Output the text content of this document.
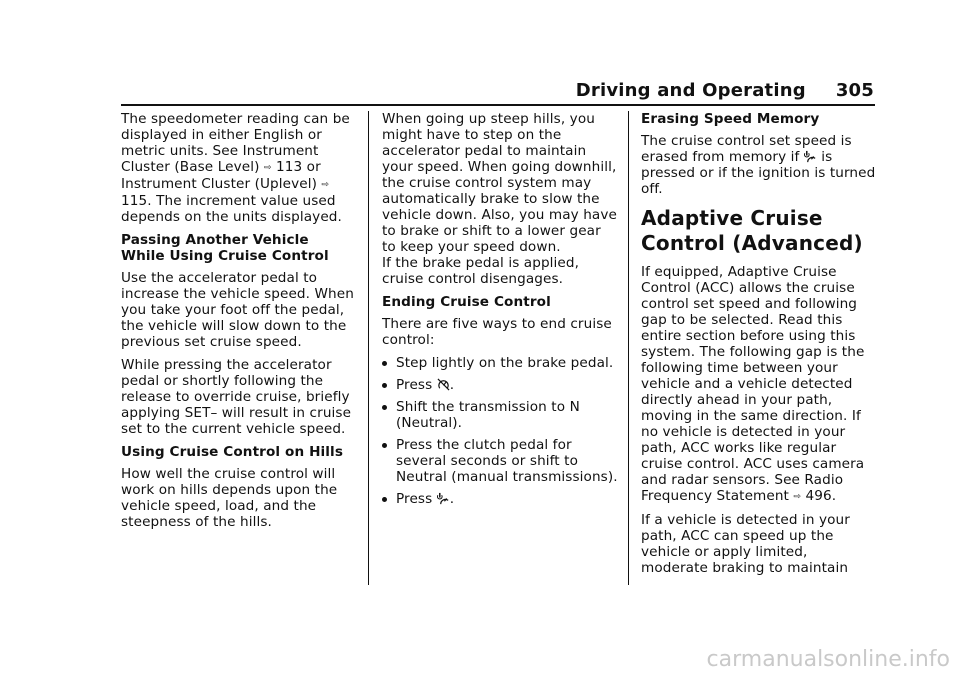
Driving and Operating 305

The speedometer reading can be displayed in either English or metric units. See Instrument Cluster (Base Level) ⇨ 113 or Instrument Cluster (Uplevel) ⇨ 115. The increment value used depends on the units displayed.

Passing Another Vehicle While Using Cruise Control

Use the accelerator pedal to increase the vehicle speed. When you take your foot off the pedal, the vehicle will slow down to the previous set cruise speed.

While pressing the accelerator pedal or shortly following the release to override cruise, briefly applying SET– will result in cruise set to the current vehicle speed.

Using Cruise Control on Hills

How well the cruise control will work on hills depends upon the vehicle speed, load, and the steepness of the hills.

When going up steep hills, you might have to step on the accelerator pedal to maintain your speed. When going downhill, the cruise control system may automatically brake to slow the vehicle down. Also, you may have to brake or shift to a lower gear to keep your speed down.

If the brake pedal is applied, cruise control disengages.

Ending Cruise Control

There are five ways to end cruise control:

Step lightly on the brake pedal.
Press .
Shift the transmission to N (Neutral).
Press the clutch pedal for several seconds or shift to Neutral (manual transmissions).
Press .
Erasing Speed Memory

The cruise control set speed is erased from memory if is pressed or if the ignition is turned off.

Adaptive Cruise Control (Advanced)

If equipped, Adaptive Cruise Control (ACC) allows the cruise control set speed and following gap to be selected. Read this entire section before using this system. The following gap is the following time between your vehicle and a vehicle detected directly ahead in your path, moving in the same direction. If no vehicle is detected in your path, ACC works like regular cruise control. ACC uses camera and radar sensors. See Radio Frequency Statement ⇨ 496.

If a vehicle is detected in your path, ACC can speed up the vehicle or apply limited, moderate braking to maintain

carmanualsonline.info
